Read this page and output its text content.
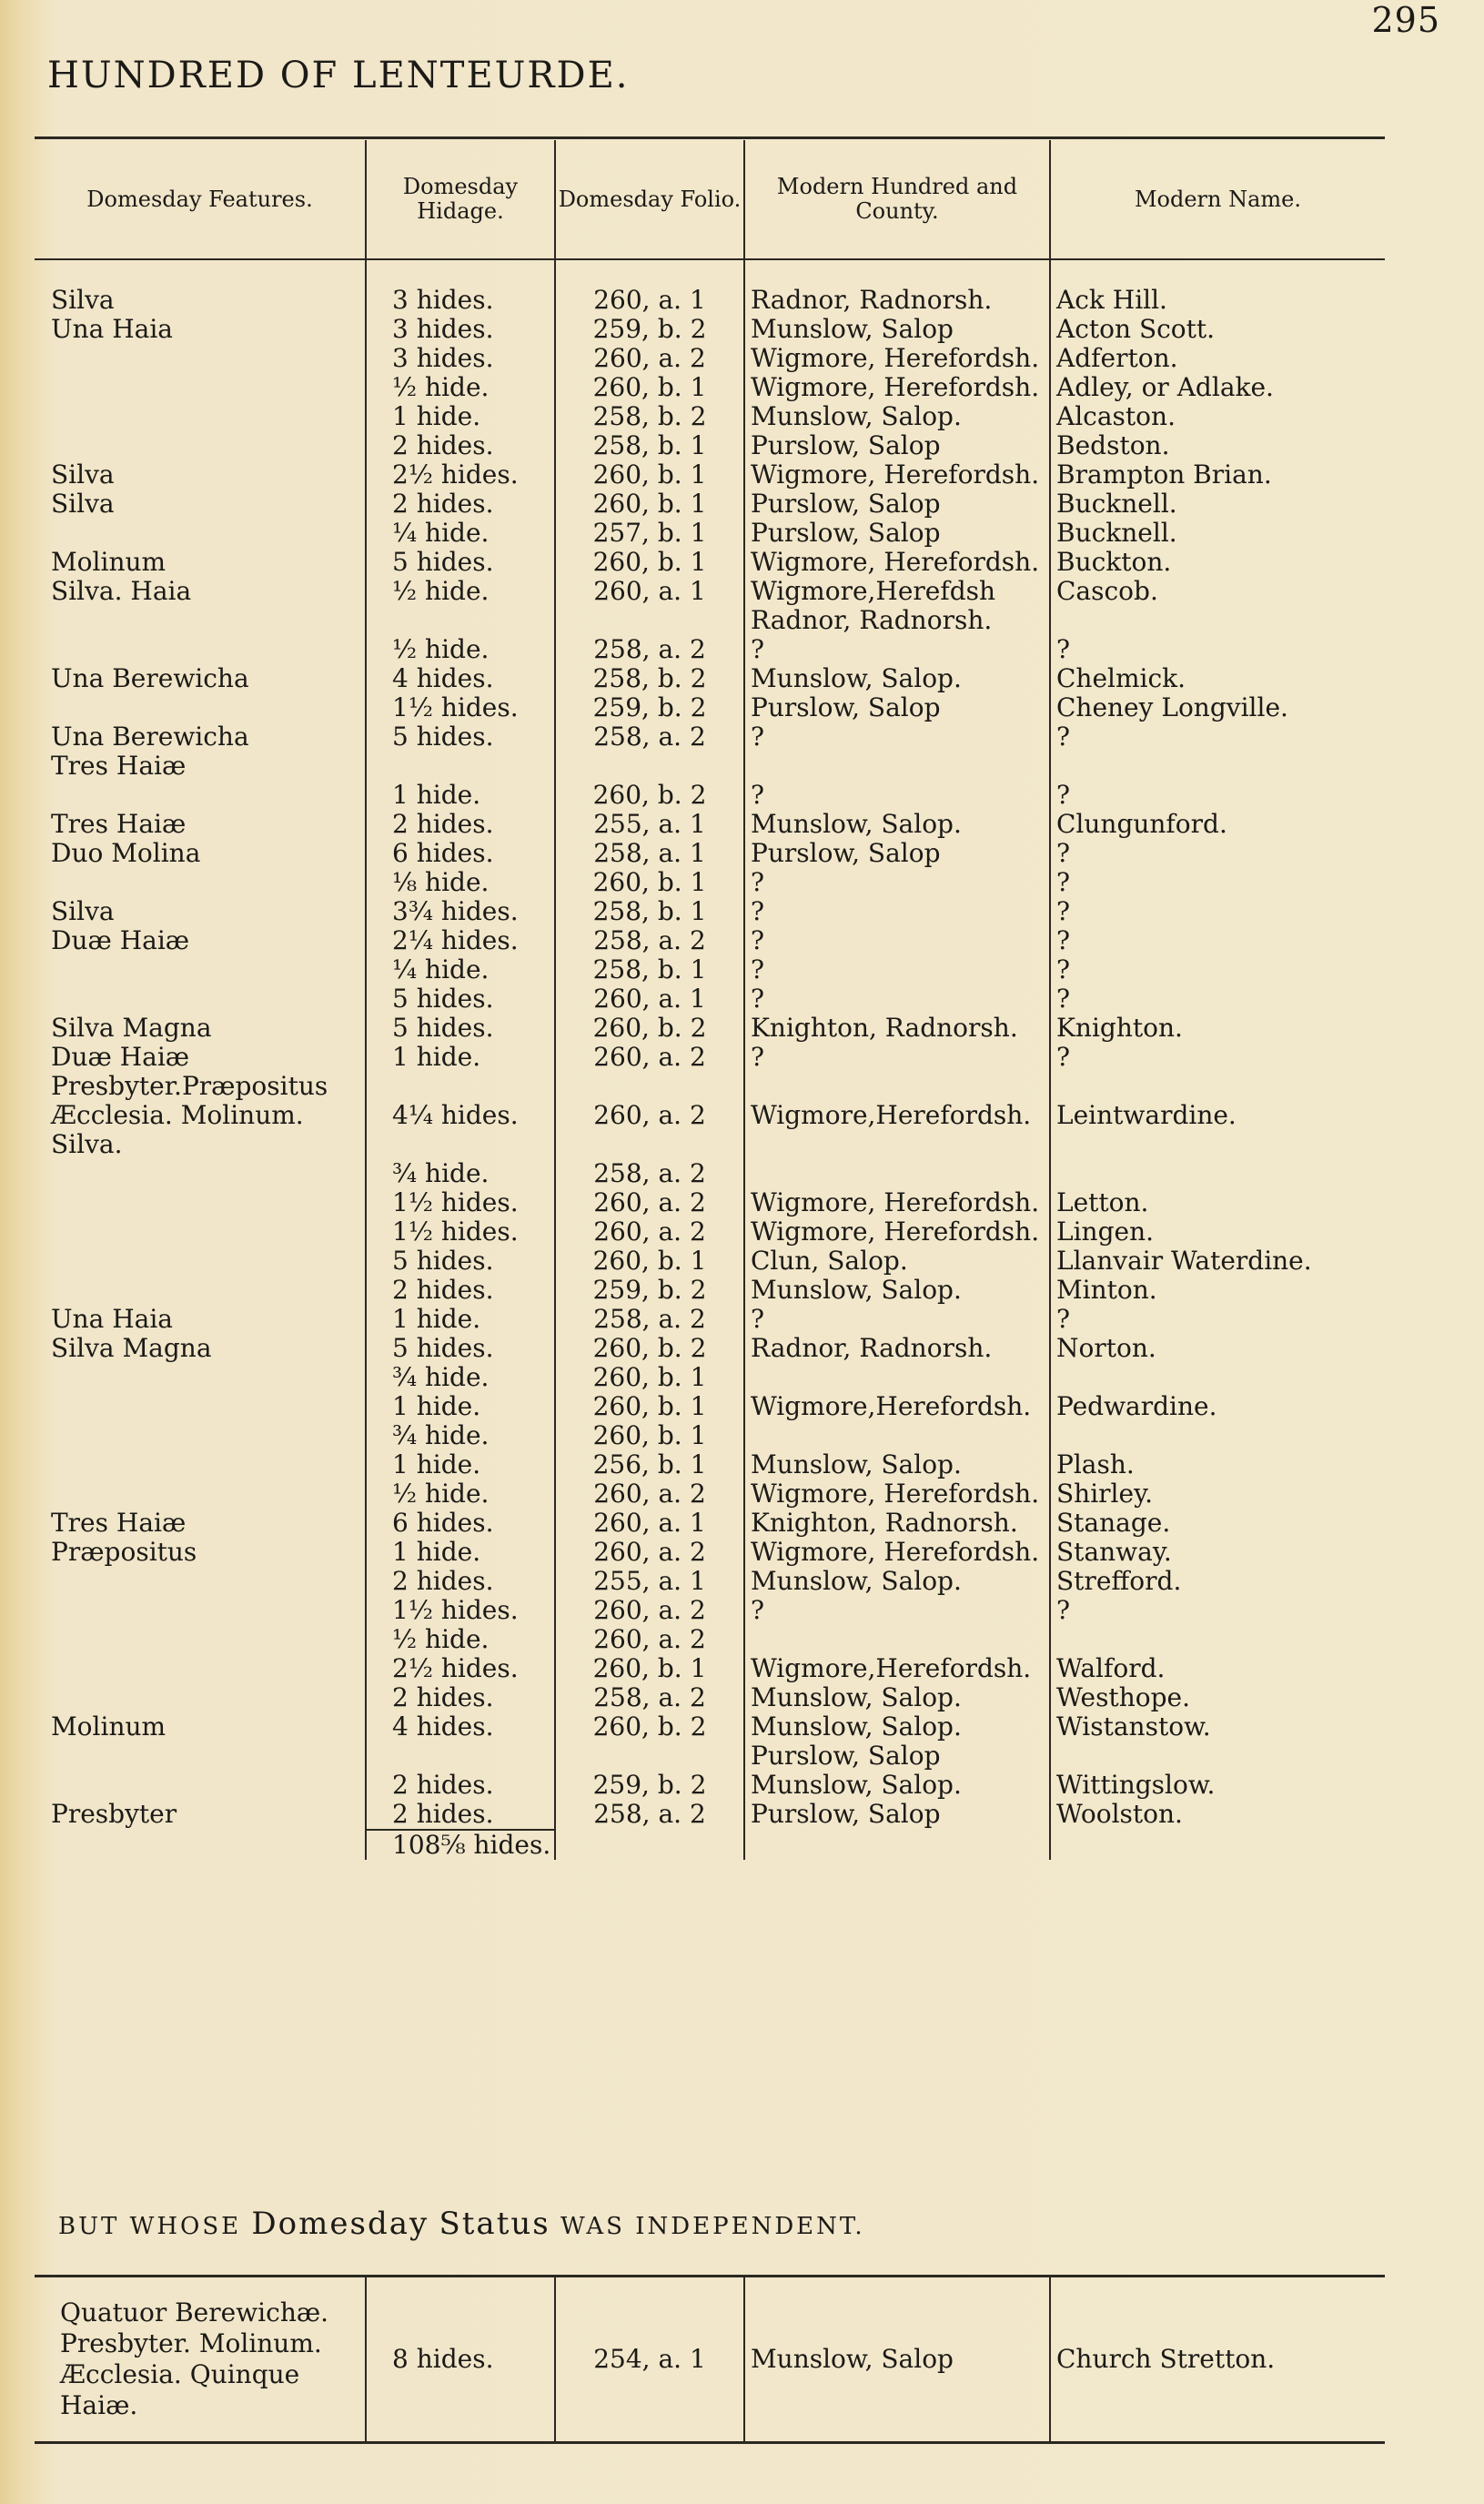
295
HUNDRED OF LENTEURDE.
Domesday Features.	Domesday Hidage.	Domesday Folio.	Modern Hundred and County.	Modern Name.

Silva	3 hides.	260, a. 1	Radnor, Radnorsh.	Ack Hill.
Una Haia	3 hides.	259, b. 2	Munslow, Salop	Acton Scott.
	3 hides.	260, a. 2	Wigmore, Herefordsh.	Adferton.
	½ hide.	260, b. 1	Wigmore, Herefordsh.	Adley, or Adlake.
	1 hide.	258, b. 2	Munslow, Salop.	Alcaston.
	2 hides.	258, b. 1	Purslow, Salop	Bedston.
Silva	2½ hides.	260, b. 1	Wigmore, Herefordsh.	Brampton Brian.
Silva	2 hides.	260, b. 1	Purslow, Salop	Bucknell.
	¼ hide.	257, b. 1	Purslow, Salop	Bucknell.
Molinum	5 hides.	260, b. 1	Wigmore, Herefordsh.	Buckton.
Silva. Haia	½ hide.	260, a. 1	Wigmore,Herefdsh	Cascob.
			Radnor, Radnorsh.	
	½ hide.	258, a. 2	?	?
Una Berewicha	4 hides.	258, b. 2	Munslow, Salop.	Chelmick.
	1½ hides.	259, b. 2	Purslow, Salop	Cheney Longville.
Una Berewicha	5 hides.	258, a. 2	?	?
Tres Haiæ				
	1 hide.	260, b. 2	?	?
Tres Haiæ	2 hides.	255, a. 1	Munslow, Salop.	Clungunford.
Duo Molina	6 hides.	258, a. 1	Purslow, Salop	?
	⅛ hide.	260, b. 1	?	?
Silva	3¾ hides.	258, b. 1	?	?
Duæ Haiæ	2¼ hides.	258, a. 2	?	?
	¼ hide.	258, b. 1	?	?
	5 hides.	260, a. 1	?	?
Silva Magna	5 hides.	260, b. 2	Knighton, Radnorsh.	Knighton.
Duæ Haiæ	1 hide.	260, a. 2	?	?
Presbyter.Præpositus				
Æcclesia. Molinum.	4¼ hides.	260, a. 2	Wigmore,Herefordsh.	Leintwardine.
Silva.				
	¾ hide.	258, a. 2		
	1½ hides.	260, a. 2	Wigmore, Herefordsh.	Letton.
	1½ hides.	260, a. 2	Wigmore, Herefordsh.	Lingen.
	5 hides.	260, b. 1	Clun, Salop.	Llanvair Waterdine.
	2 hides.	259, b. 2	Munslow, Salop.	Minton.
Una Haia	1 hide.	258, a. 2	?	?
Silva Magna	5 hides.	260, b. 2	Radnor, Radnorsh.	Norton.
	¾ hide.	260, b. 1		
	1 hide.	260, b. 1	Wigmore,Herefordsh.	Pedwardine.
	¾ hide.	260, b. 1		
	1 hide.	256, b. 1	Munslow, Salop.	Plash.
	½ hide.	260, a. 2	Wigmore, Herefordsh.	Shirley.
Tres Haiæ	6 hides.	260, a. 1	Knighton, Radnorsh.	Stanage.
Præpositus	1 hide.	260, a. 2	Wigmore, Herefordsh.	Stanway.
	2 hides.	255, a. 1	Munslow, Salop.	Strefford.
	1½ hides.	260, a. 2	?	?
	½ hide.	260, a. 2		
	2½ hides.	260, b. 1	Wigmore,Herefordsh.	Walford.
	2 hides.	258, a. 2	Munslow, Salop.	Westhope.
Molinum	4 hides.	260, b. 2	Munslow, Salop.	Wistanstow.
			Purslow, Salop	
	2 hides.	259, b. 2	Munslow, Salop.	Wittingslow.
Presbyter	2 hides.	258, a. 2	Purslow, Salop	Woolston.
	108⅝ hides.			
BUT WHOSE Domesday Status WAS INDEPENDENT.
Quatuor Berewichæ.
Presbyter. Molinum.
Æcclesia. Quinque
Haiæ.
	8 hides.	254, a. 1	Munslow, Salop	Church Stretton.
